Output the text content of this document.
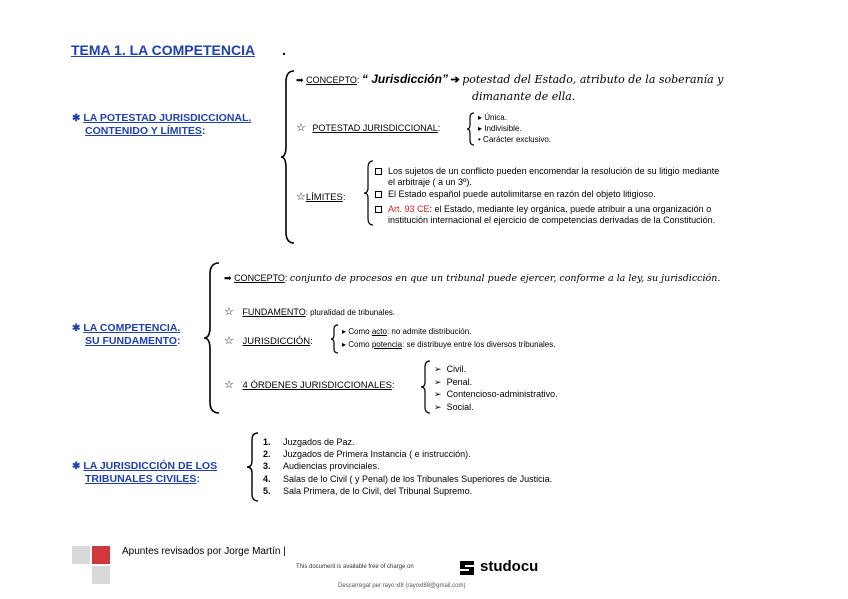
TEMA 1. LA COMPETENCIA .
✱ LA POTESTAD JURISDICCIONAL.
CONTENIDO Y LÍMITES:
➡ CONCEPTO: “ Jurisdicción” ➔ potestad del Estado, atributo de la soberanía y
dimanante de ella.
☆ POTESTAD JURISDICCIONAL:
▸ Única.
▸ Indivisible.
• Carácter exclusivo.
☆LÍMITES:
Los sujetos de un conflicto pueden encomendar la resolución de su litigio mediante
el arbitraje ( a un 3º).
El Estado español puede autolimitarse en razón del objeto litigioso.
Art. 93 CE: el Estado, mediante ley orgánica, puede atribuir a una organización o
institución internacional el ejercicio de competencias derivadas de la Constitución.
✱ LA COMPETENCIA.
SU FUNDAMENTO:
➡ CONCEPTO: conjunto de procesos en que un tribunal puede ejercer, conforme a la ley, su jurisdicción.
☆ FUNDAMENTO: pluralidad de tribunales.
☆ JURISDICCIÓN:
▸ Como acto: no admite distribución.
▸ Como potencia: se distribuye entre los diversos tribunales.
☆ 4 ÓRDENES JURISDICCIONALES:
➢ Civil.
➢ Penal.
➢ Contencioso-administrativo.
➢ Social.
✱ LA JURISDICCIÓN DE LOS
TRIBUNALES CIVILES:
1. Juzgados de Paz.
2. Juzgados de Primera Instancia ( e instrucción).
3. Audiencias provinciales.
4. Salas de lo Civil ( y Penal) de los Tribunales Superiores de Justicia.
5. Sala Primera, de lo Civil, del Tribunal Supremo.
Apuntes revisados por Jorge Martín |
This document is available free of charge on	studocu
Descarregat per rayo xl8 (rayoxl88@gmail.com)
